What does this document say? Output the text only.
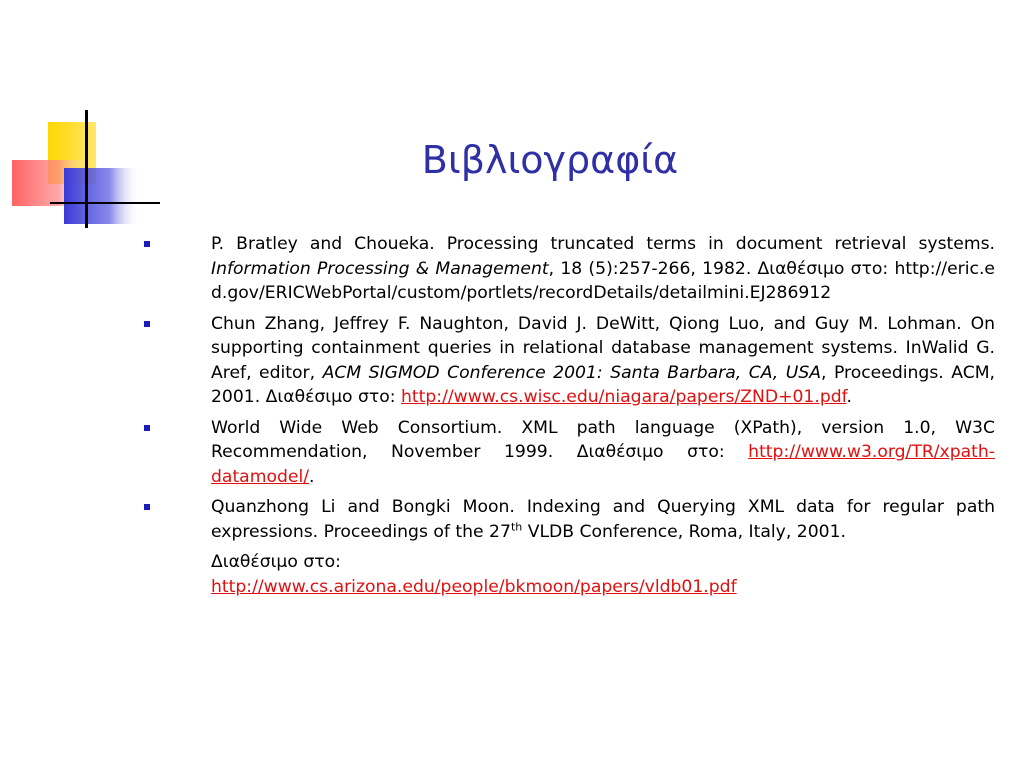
Βιβλιογραφία

P. Bratley and Choueka. Processing truncated terms in document retrieval systems. Information Processing & Management, 18 (5):257-266, 1982. Διαθέσιμο στο: http://eric.ed.gov/ERICWebPortal/custom/portlets/recordDetails/detailmini.EJ286912

Chun Zhang, Jeffrey F. Naughton, David J. DeWitt, Qiong Luo, and Guy M. Lohman. On supporting containment queries in relational database management systems. InWalid G. Aref, editor, ACM SIGMOD Conference 2001: Santa Barbara, CA, USA, Proceedings. ACM, 2001. Διαθέσιμο στο: http://www.cs.wisc.edu/niagara/papers/ZND+01.pdf.

World Wide Web Consortium. XML path language (XPath), version 1.0, W3C Recommendation, November 1999. Διαθέσιμο στο: http://www.w3.org/TR/xpath-datamodel/.

Quanzhong Li and Bongki Moon. Indexing and Querying XML data for regular path expressions. Proceedings of the 27th VLDB Conference, Roma, Italy, 2001.

Διαθέσιμο στο:
http://www.cs.arizona.edu/people/bkmoon/papers/vldb01.pdf
